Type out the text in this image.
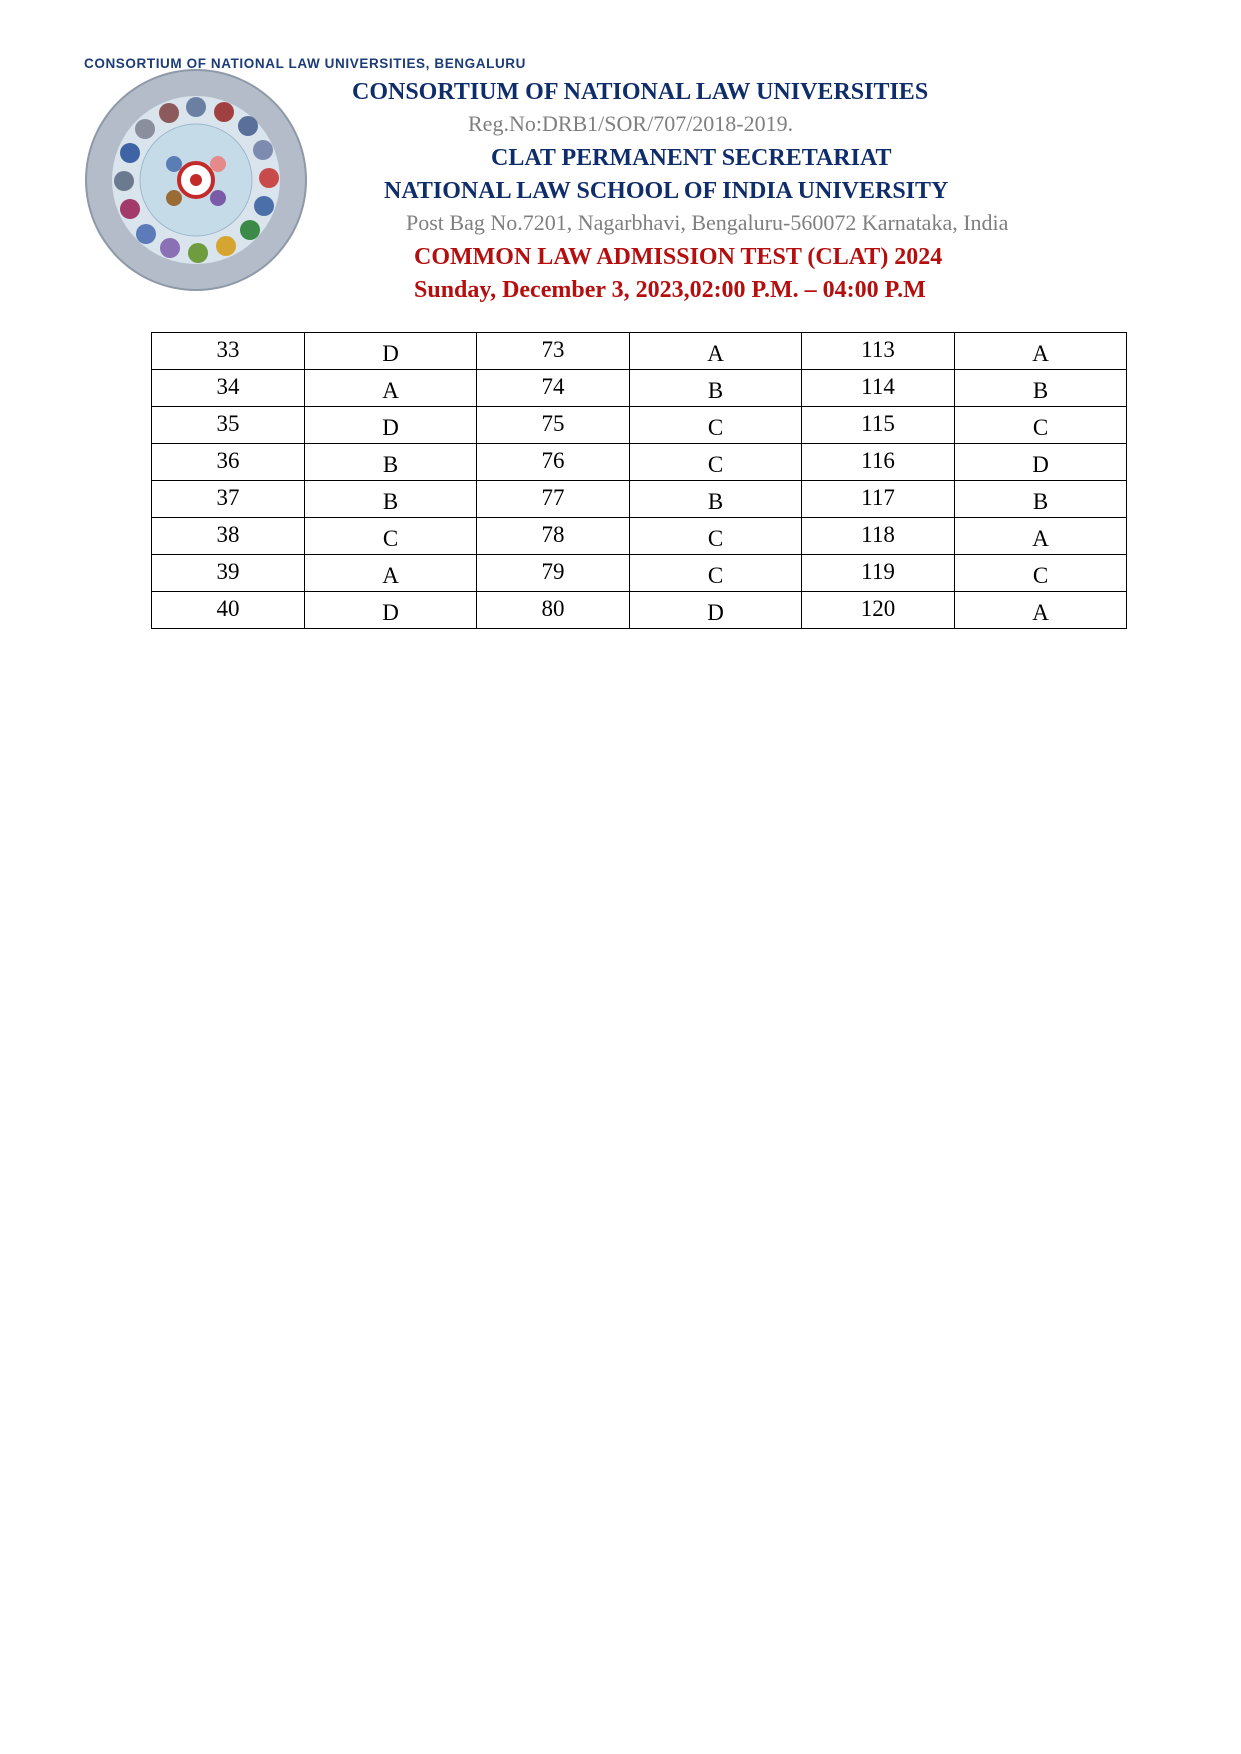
CONSORTIUM OF NATIONAL LAW UNIVERSITIES, BENGALURU
CONSORTIUM OF NATIONAL LAW UNIVERSITIES
Reg.No:DRB1/SOR/707/2018-2019.
CLAT PERMANENT SECRETARIAT
NATIONAL LAW SCHOOL OF INDIA UNIVERSITY
Post Bag No.7201, Nagarbhavi, Bengaluru-560072 Karnataka, India
COMMON LAW ADMISSION TEST (CLAT) 2024
Sunday, December 3, 2023,02:00 P.M. – 04:00 P.M
33	D	73	A	113	A
34	A	74	B	114	B
35	D	75	C	115	C
36	B	76	C	116	D
37	B	77	B	117	B
38	C	78	C	118	A
39	A	79	C	119	C
40	D	80	D	120	A
